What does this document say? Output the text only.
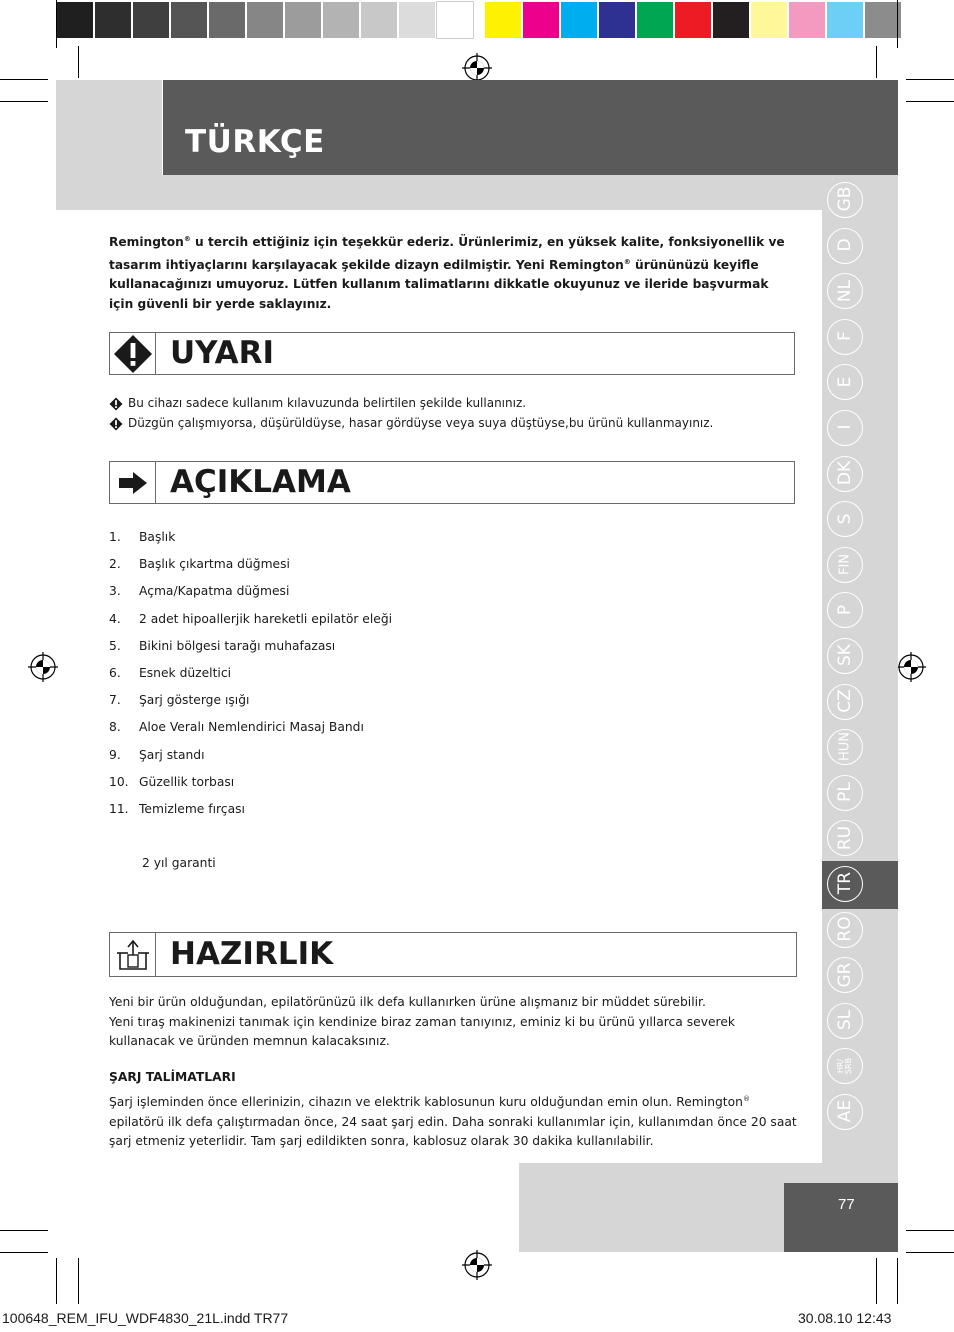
TÜRKÇE
GB
D
NL
F
E
I
DK
S
FIN
P
SK
CZ
HUN
PL
RU
TR
RO
GR
SL
HR/ SRB
AE
Remington® u tercih ettiğiniz için teşekkür ederiz. Ürünlerimiz, en yüksek kalite, fonksiyonellik ve tasarım ihtiyaçlarını karşılayacak şekilde dizayn edilmiştir. Yeni Remington® ürününüzü keyifle kullanacağınızı umuyoruz. Lütfen kullanım talimatlarını dikkatle okuyunuz ve ileride başvurmak için güvenli bir yerde saklayınız.
UYARI
Bu cihazı sadece kullanım kılavuzunda belirtilen şekilde kullanınız.
Düzgün çalışmıyorsa, düşürüldüyse, hasar gördüyse veya suya düştüyse,bu ürünü kullanmayınız.
AÇIKLAMA
1.	Başlık
2.	Başlık çıkartma düğmesi
3.	Açma/Kapatma düğmesi
4.	2 adet hipoallerjik hareketli epilatör eleği
5.	Bikini bölgesi tarağı muhafazası
6.	Esnek düzeltici
7.	Şarj gösterge ışığı
8.	Aloe Veralı Nemlendirici Masaj Bandı
9.	Şarj standı
10. Güzellik torbası
11. Temizleme fırçası
2 yıl garanti
HAZIRLIK
Yeni bir ürün olduğundan, epilatörünüzü ilk defa kullanırken ürüne alışmanız bir müddet sürebilir.
Yeni tıraş makinenizi tanımak için kendinize biraz zaman tanıyınız, eminiz ki bu ürünü yıllarca severek kullanacak ve üründen memnun kalacaksınız.
ŞARJ TALİMATLARI
Şarj işleminden önce ellerinizin, cihazın ve elektrik kablosunun kuru olduğundan emin olun. Remington® epilatörü ilk defa çalıştırmadan önce, 24 saat şarj edin. Daha sonraki kullanımlar için, kullanımdan önce 20 saat şarj etmeniz yeterlidir. Tam şarj edildikten sonra, kablosuz olarak 30 dakika kullanılabilir.
77
100648_REM_IFU_WDF4830_21L.indd TR77	30.08.10 12:43
